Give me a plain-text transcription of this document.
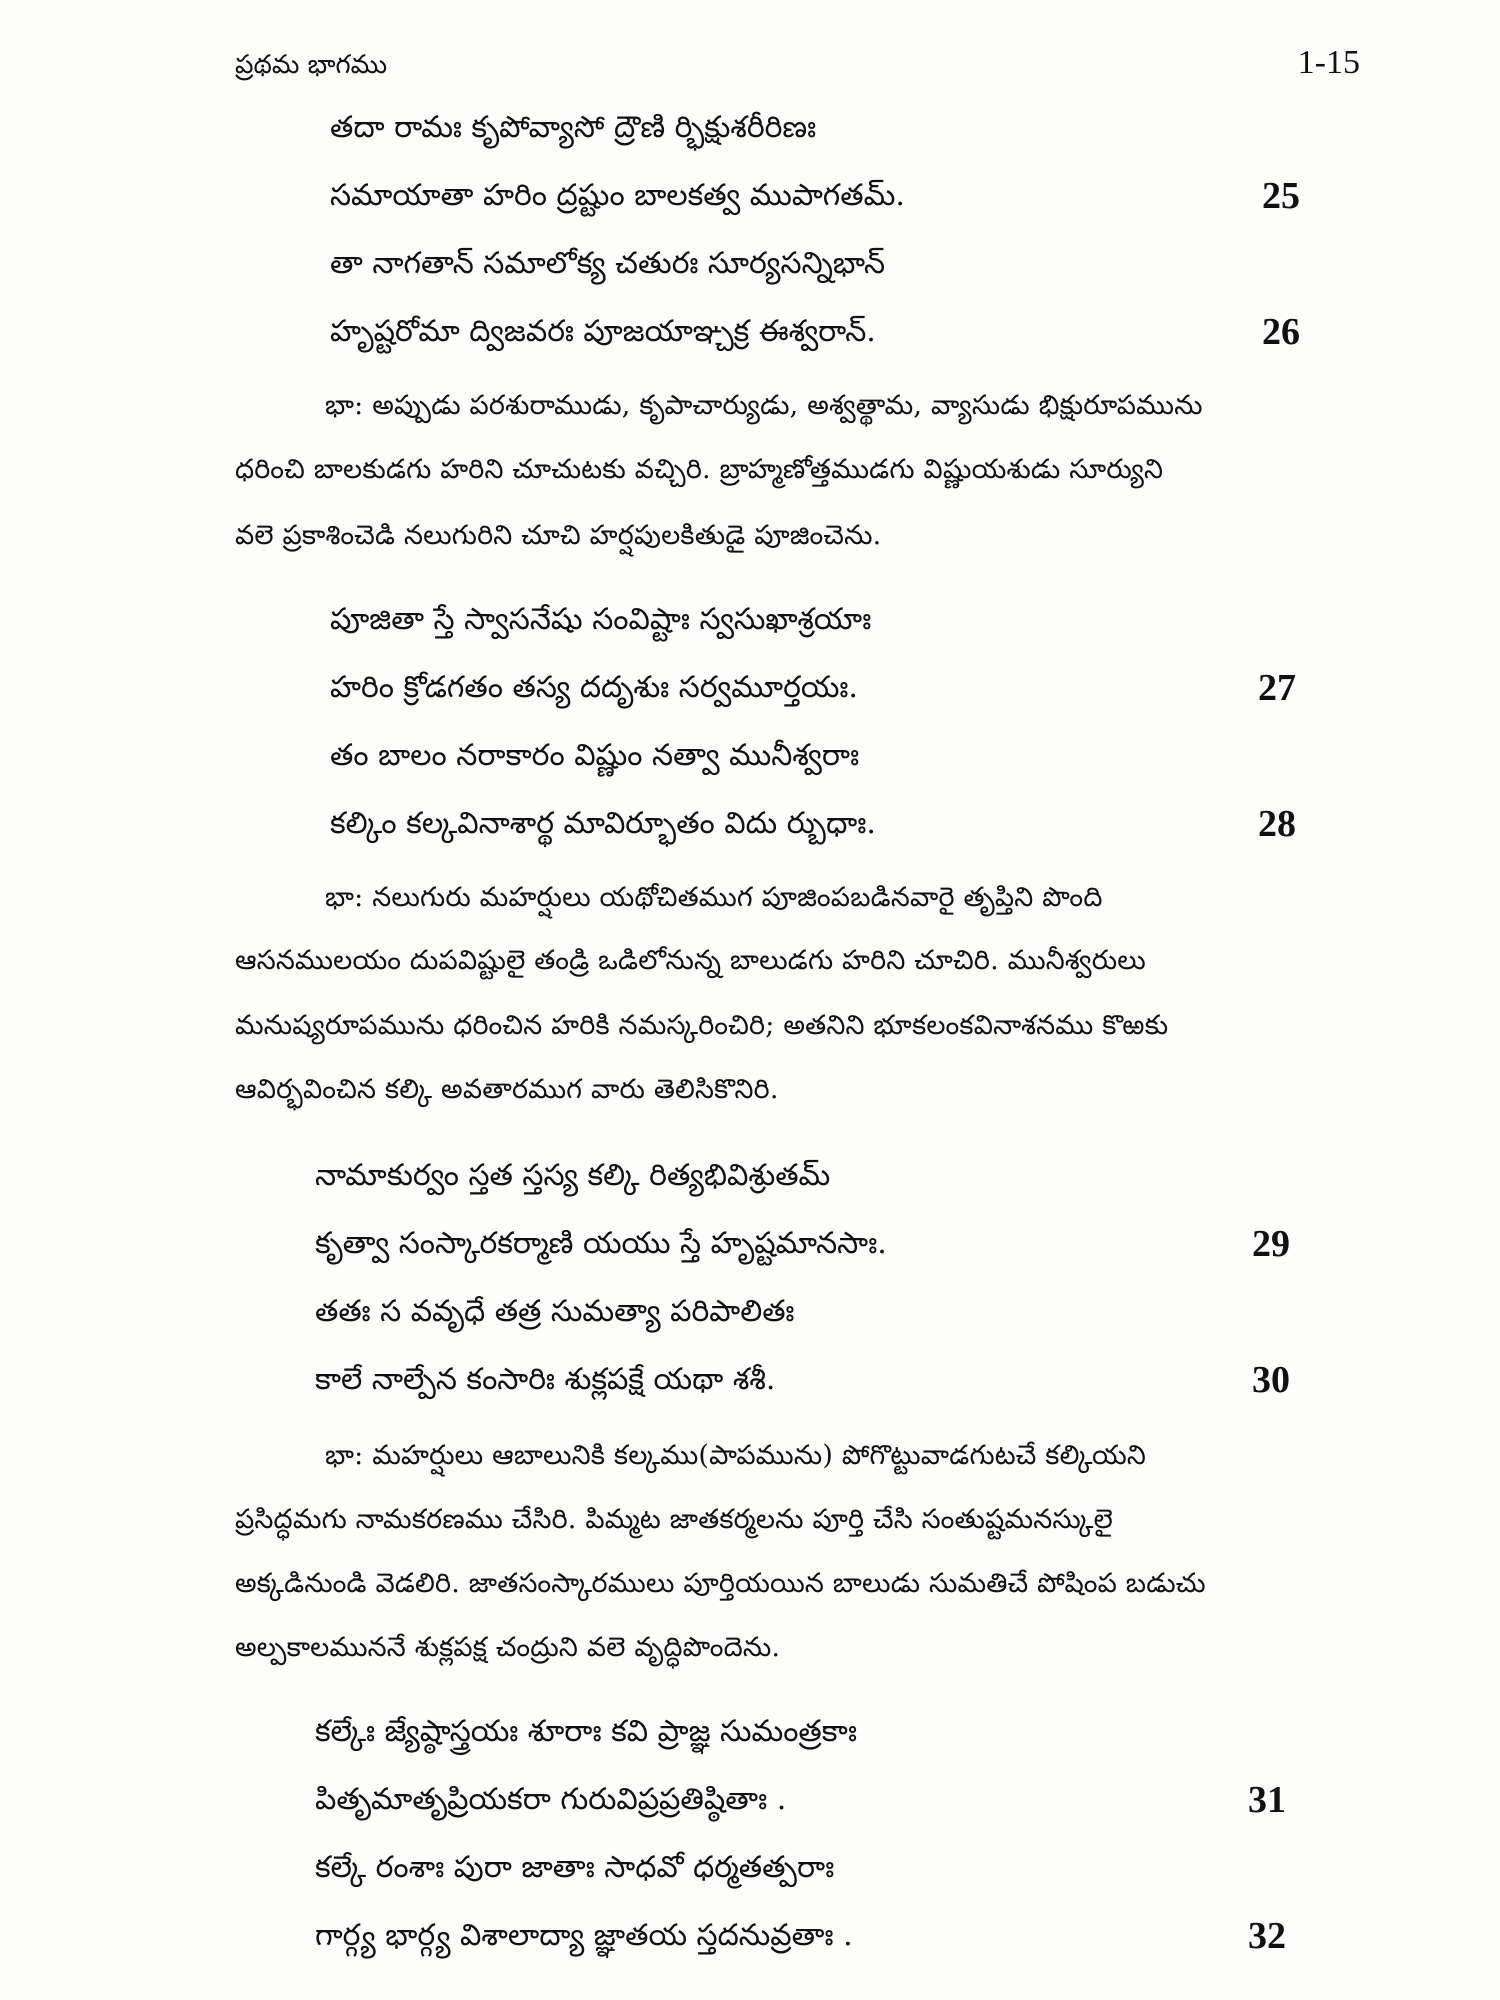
ప్రథమ భాగము	1-15
తదా రామః కృపోవ్యాసో ద్రౌణి ర్భిక్షుశరీరిణః
సమాయాతా హరిం ద్రష్టుం బాలకత్వ ముపాగతమ్.	25
తా నాగతాన్ సమాలోక్య చతురః సూర్యసన్నిభాన్
హృష్టరోమా ద్విజవరః పూజయాఞ్చక్ర ఈశ్వరాన్.	26
భా: అప్పుడు పరశురాముడు, కృపాచార్యుడు, అశ్వత్థామ, వ్యాసుడు భిక్షురూపమును
ధరించి బాలకుడగు హరిని చూచుటకు వచ్చిరి. బ్రాహ్మణోత్తముడగు విష్ణుయశుడు సూర్యుని
వలె ప్రకాశించెడి నలుగురిని చూచి హర్షపులకితుడై పూజించెను.
పూజితా స్తే స్వాసనేషు సంవిష్టాః స్వసుఖాశ్రయాః
హరిం క్రోడగతం తస్య దదృశుః సర్వమూర్తయః.	27
తం బాలం నరాకారం విష్ణుం నత్వా మునీశ్వరాః
కల్కిం కల్కవినాశార్థ మావిర్భూతం విదు ర్బుధాః.	28
భా: నలుగురు మహర్షులు యథోచితముగ పూజింపబడినవారై తృప్తిని పొంది
ఆసనములయం దుపవిష్టులై తండ్రి ఒడిలోనున్న బాలుడగు హరిని చూచిరి. మునీశ్వరులు
మనుష్యరూపమును ధరించిన హరికి నమస్కరించిరి; అతనిని భూకలంకవినాశనము కొఱకు
ఆవిర్భవించిన కల్కి అవతారముగ వారు తెలిసికొనిరి.
నామాకుర్వం స్తత స్తస్య కల్కి రిత్యభివిశ్రుతమ్
కృత్వా సంస్కారకర్మాణి యయు స్తే హృష్టమానసాః.	29
తతః స వవృధే తత్ర సుమత్యా పరిపాలితః
కాలే నాల్పేన కంసారిః శుక్లపక్షే యథా శశీ.	30
భా: మహర్షులు ఆబాలునికి కల్కము(పాపమును) పోగొట్టువాడగుటచే కల్కియని
ప్రసిద్ధమగు నామకరణము చేసిరి. పిమ్మట జాతకర్మలను పూర్తి చేసి సంతుష్టమనస్కులై
అక్కడినుండి వెడలిరి. జాతసంస్కారములు పూర్తియయిన బాలుడు సుమతిచే పోషింప బడుచు
అల్పకాలముననే శుక్లపక్ష చంద్రుని వలె వృద్ధిపొందెను.
కల్కేః జ్యేష్ఠాస్త్రయః శూరాః కవి ప్రాజ్ఞ సుమంత్రకాః
పితృమాతృప్రియకరా గురువిప్రప్రతిష్ఠితాః .	31
కల్కే రంశాః పురా జాతాః సాధవో ధర్మతత్పరాః
గార్గ్య భార్గ్య విశాలాద్యా జ్ఞాతయ స్తదనువ్రతాః .	32
